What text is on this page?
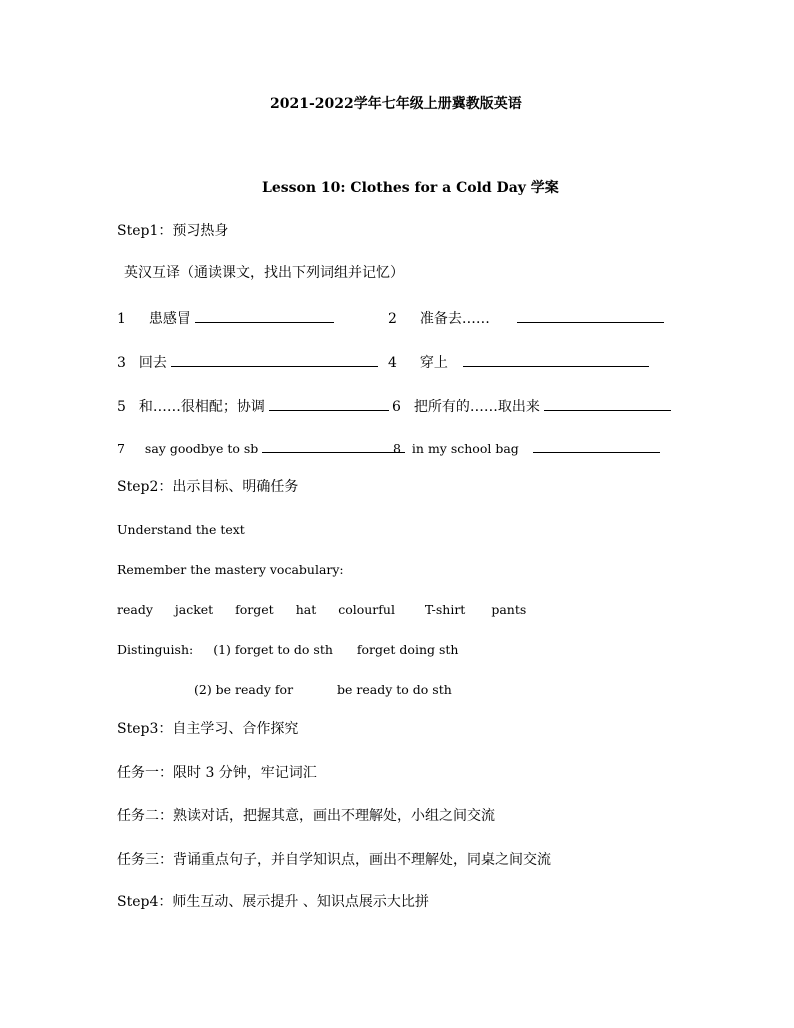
2021-2022学年七年级上册冀教版英语
Lesson 10: Clothes for a Cold Day 学案
Step1：预习热身
英汉互译（通读课文，找出下列词组并记忆）
1 患感冒	2 准备去……
3 回去	4 穿上
5 和……很相配；协调	6 把所有的……取出来
7 say goodbye to sb	8 in my school bag
Step2：出示目标、明确任务
Understand the text
Remember the mastery vocabulary:
ready jacket forget hat colourful T-shirt pants
Distinguish: (1) forget to do sth forget doing sth
(2) be ready for	be ready to do sth
Step3：自主学习、合作探究
任务一：限时 3 分钟，牢记词汇
任务二：熟读对话，把握其意，画出不理解处，小组之间交流
任务三：背诵重点句子，并自学知识点，画出不理解处，同桌之间交流
Step4：师生互动、展示提升 、知识点展示大比拼
